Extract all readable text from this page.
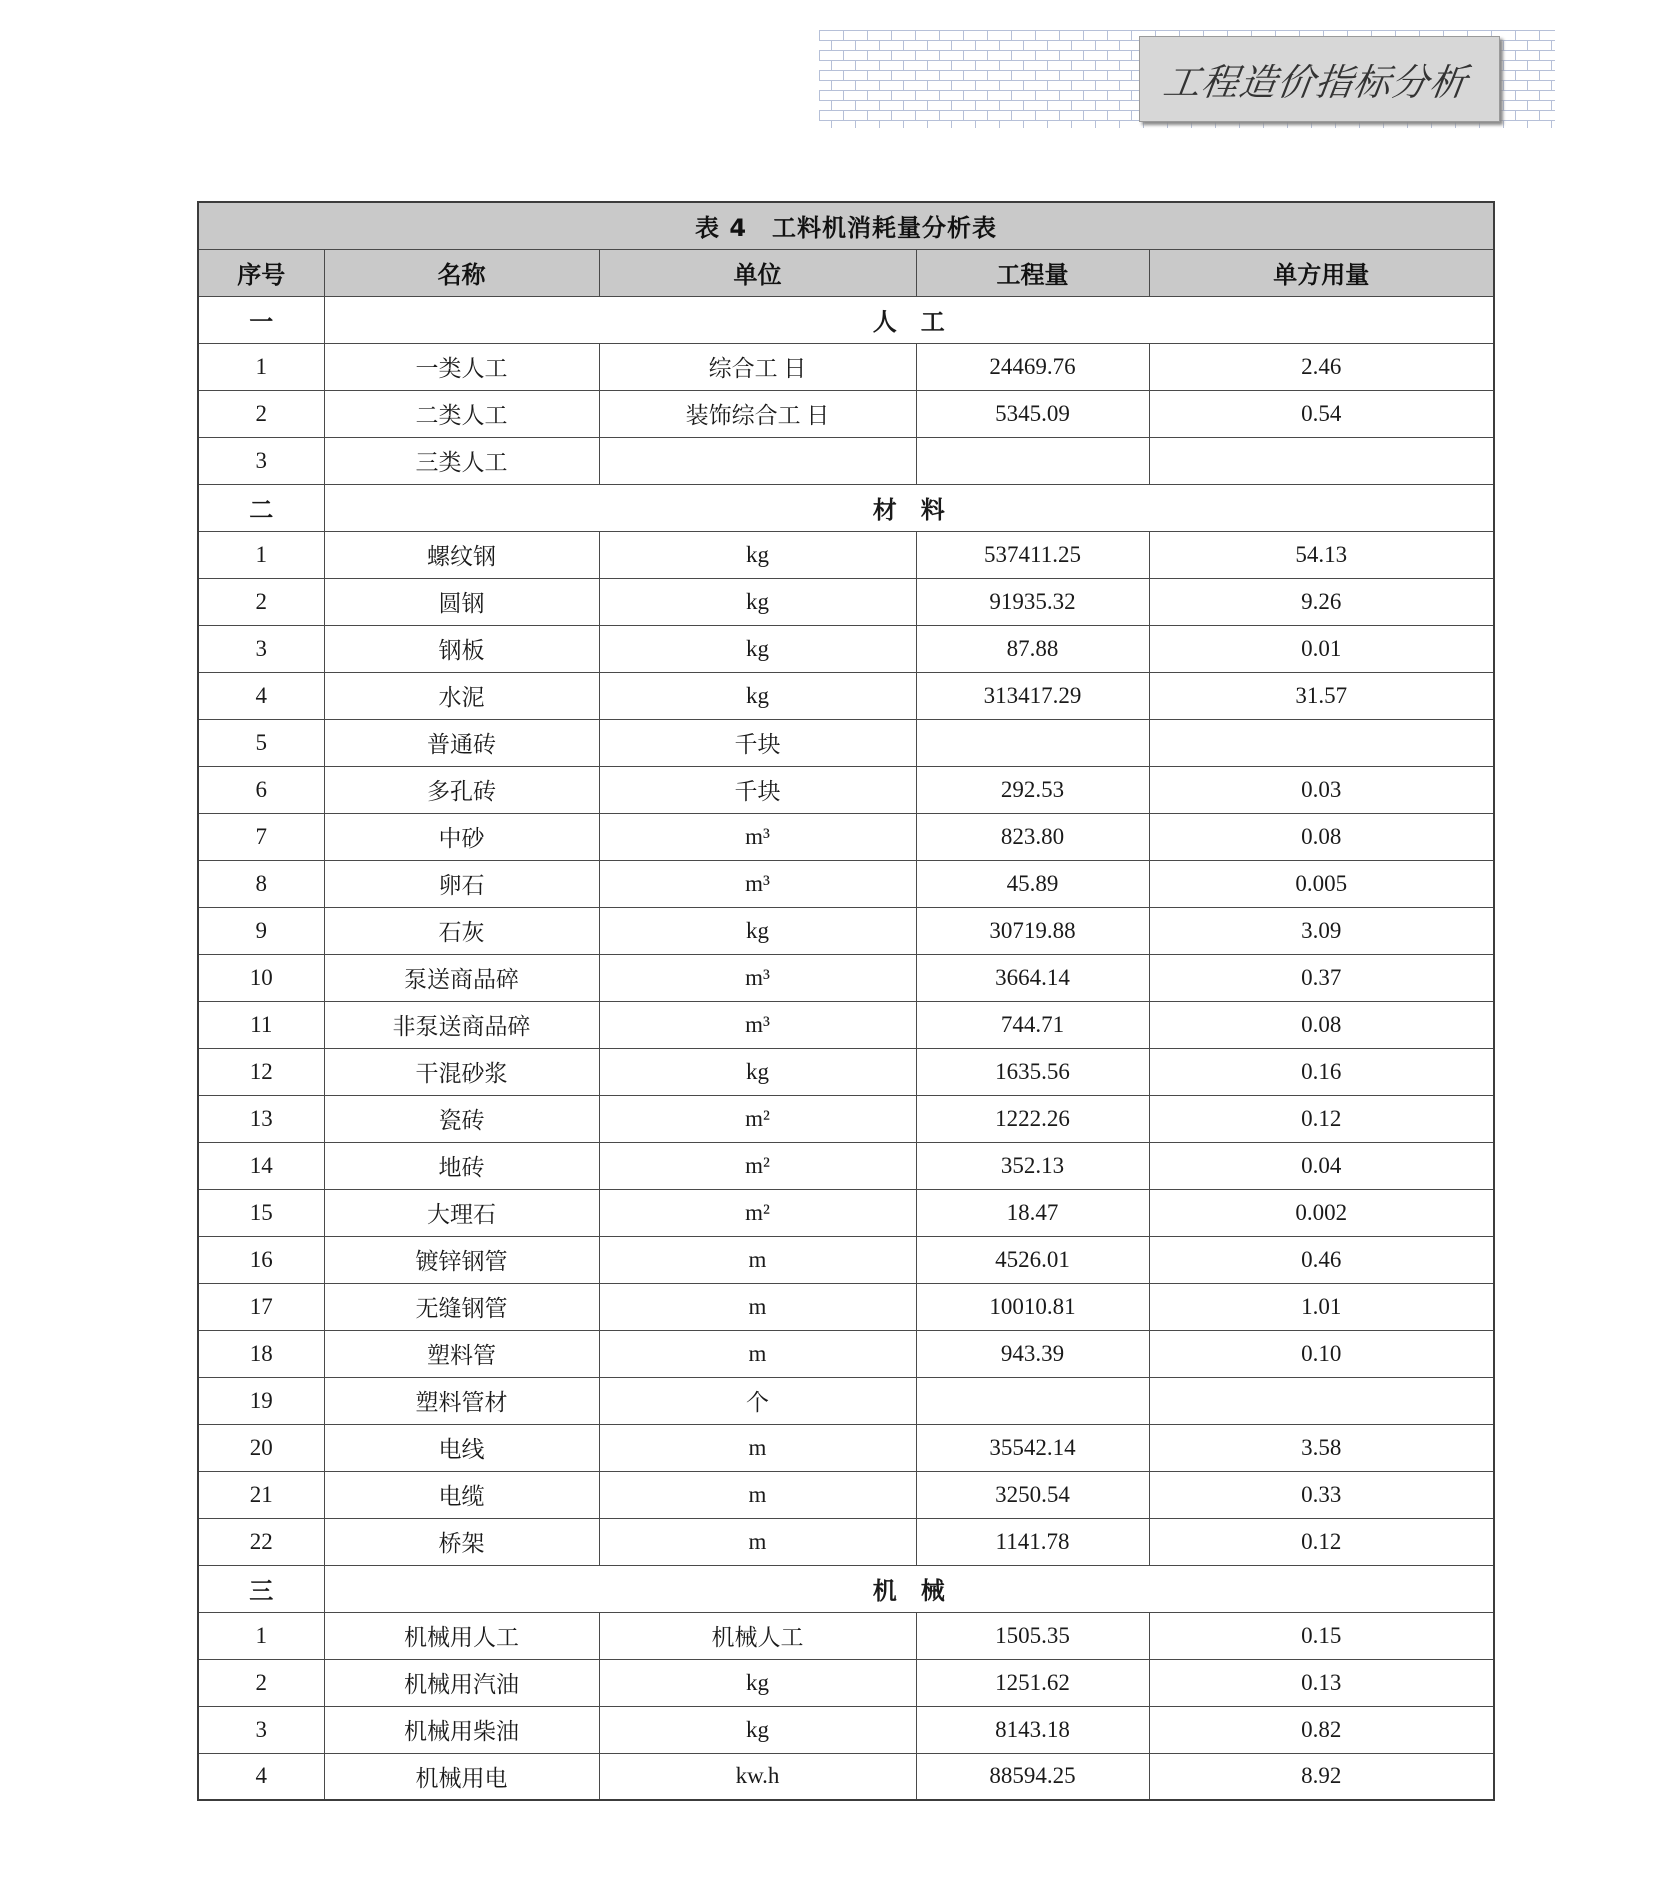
工程造价指标分析
表 4　工料机消耗量分析表				
序号	名称	单位	工程量	单方用量
一	人　工			
1	一类人工	综合工 日	24469.76	2.46
2	二类人工	装饰综合工 日	5345.09	0.54
3	三类人工			
二	材　料			
1	螺纹钢	kg	537411.25	54.13
2	圆钢	kg	91935.32	9.26
3	钢板	kg	87.88	0.01
4	水泥	kg	313417.29	31.57
5	普通砖	千块		
6	多孔砖	千块	292.53	0.03
7	中砂	m³	823.80	0.08
8	卵石	m³	45.89	0.005
9	石灰	kg	30719.88	3.09
10	泵送商品碎	m³	3664.14	0.37
11	非泵送商品碎	m³	744.71	0.08
12	干混砂浆	kg	1635.56	0.16
13	瓷砖	m²	1222.26	0.12
14	地砖	m²	352.13	0.04
15	大理石	m²	18.47	0.002
16	镀锌钢管	m	4526.01	0.46
17	无缝钢管	m	10010.81	1.01
18	塑料管	m	943.39	0.10
19	塑料管材	个		
20	电线	m	35542.14	3.58
21	电缆	m	3250.54	0.33
22	桥架	m	1141.78	0.12
三	机　械			
1	机械用人工	机械人工	1505.35	0.15
2	机械用汽油	kg	1251.62	0.13
3	机械用柴油	kg	8143.18	0.82
4	机械用电	kw.h	88594.25	8.92
